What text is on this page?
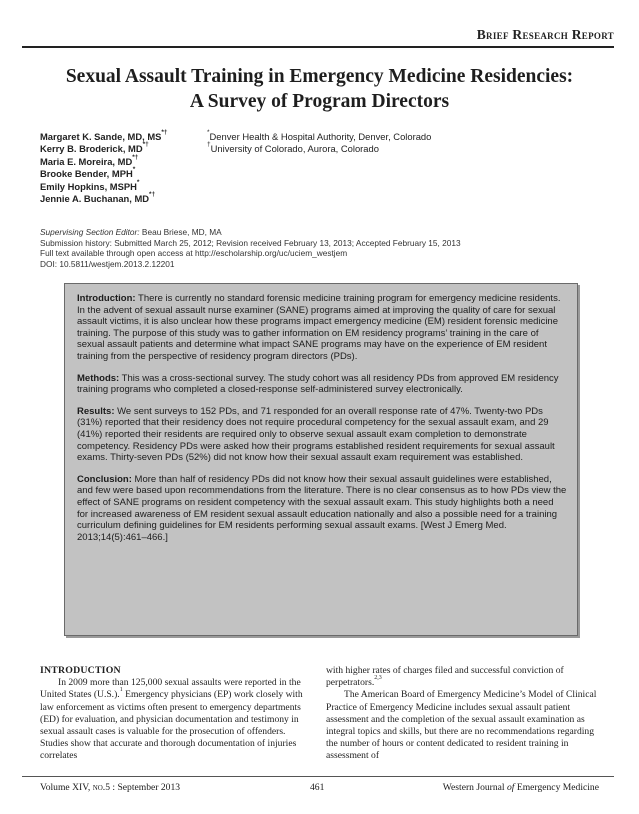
Brief Research Report
Sexual Assault Training in Emergency Medicine Residencies:
A Survey of Program Directors
Margaret K. Sande, MD, MS*†
Kerry B. Broderick, MD*†
Maria E. Moreira, MD*†
Brooke Bender, MPH*
Emily Hopkins, MSPH*
Jennie A. Buchanan, MD*†
*Denver Health & Hospital Authority, Denver, Colorado
†University of Colorado, Aurora, Colorado
Supervising Section Editor: Beau Briese, MD, MA
Submission history: Submitted March 25, 2012; Revision received February 13, 2013; Accepted February 15, 2013
Full text available through open access at http://escholarship.org/uc/uciem_westjem
DOI: 10.5811/westjem.2013.2.12201

Introduction: There is currently no standard forensic medicine training program for emergency medicine residents. In the advent of sexual assault nurse examiner (SANE) programs aimed at improving the quality of care for sexual assault victims, it is also unclear how these programs impact emergency medicine (EM) resident forensic medicine training. The purpose of this study was to gather information on EM residency programs’ training in the care of sexual assault patients and determine what impact SANE programs may have on the experience of EM resident training from the perspective of residency program directors (PDs).

Methods: This was a cross-sectional survey. The study cohort was all residency PDs from approved EM residency training programs who completed a closed-response self-administered survey electronically.

Results: We sent surveys to 152 PDs, and 71 responded for an overall response rate of 47%. Twenty-two PDs (31%) reported that their residency does not require procedural competency for the sexual assault exam, and 29 (41%) reported their residents are required only to observe sexual assault exam completion to demonstrate competency. Residency PDs were asked how their programs established resident requirements for sexual assault exams. Thirty-seven PDs (52%) did not know how their sexual assault exam requirement was established.

Conclusion: More than half of residency PDs did not know how their sexual assault guidelines were established, and few were based upon recommendations from the literature. There is no clear consensus as to how PDs view the effect of SANE programs on resident competency with the sexual assault exam. This study highlights both a need for increased awareness of EM resident sexual assault education nationally and also a possible need for a training curriculum defining guidelines for EM residents performing sexual assault exams. [West J Emerg Med. 2013;14(5):461–466.]

INTRODUCTION
In 2009 more than 125,000 sexual assaults were reported in the United States (U.S.).$^1$ Emergency physicians (EP) work closely with law enforcement as victims often present to emergency departments (ED) for evaluation, and physician documentation and testimony in sexual assault cases is valuable for the prosecution of offenders. Studies show that accurate and thorough documentation of injuries correlates
with higher rates of charges filed and successful conviction of perpetrators.$^{2,3}$
The American Board of Emergency Medicine’s Model of Clinical Practice of Emergency Medicine includes sexual assault patient assessment and the completion of the sexual assault examination as integral topics and skills, but there are no recommendations regarding the number of hours or content dedicated to resident training in assessment of
Volume XIV, no.5 : September 2013	461	Western Journal of Emergency Medicine
